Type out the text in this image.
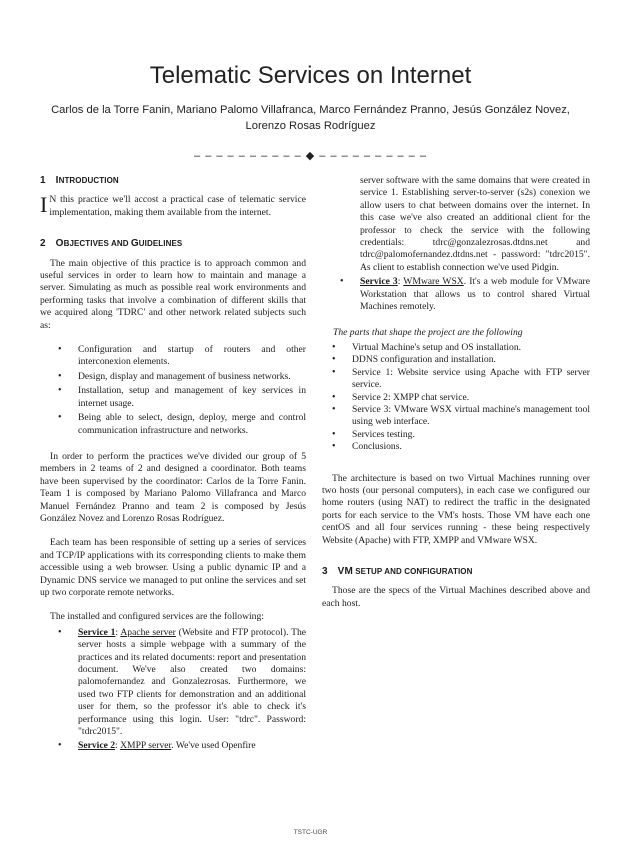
Telematic Services on Internet
Carlos de la Torre Fanin, Mariano Palomo Villafranca, Marco Fernández Pranno, Jesús González Novez, Lorenzo Rosas Rodríguez
– – – – – – – – – – ◆ – – – – – – – – – –
1 INTRODUCTION

I N this practice we'll accost a practical case of telematic service implementation, making them available from the internet.

2 OBJECTIVES AND GUIDELINES

The main objective of this practice is to approach common and useful services in order to learn how to maintain and manage a server. Simulating as much as possible real work environments and performing tasks that involve a combination of different skills that we acquired along 'TDRC' and other network related subjects such as:

• Configuration and startup of routers and other interconexion elements.
• Design, display and management of business networks.
• Installation, setup and management of key services in internet usage.
• Being able to select, design, deploy, merge and control communication infrastructure and networks.

In order to perform the practices we've divided our group of 5 members in 2 teams of 2 and designed a coordinator. Both teams have been supervised by the coordinator: Carlos de la Torre Fanin. Team 1 is composed by Mariano Palomo Villafranca and Marco Manuel Fernández Pranno and team 2 is composed by Jesús González Novez and Lorenzo Rosas Rodríguez.

Each team has been responsible of setting up a series of services and TCP/IP applications with its corresponding clients to make them accessible using a web browser. Using a public dynamic IP and a Dynamic DNS service we managed to put online the services and set up two corporate remote networks.

The installed and configured services are the following:

• Service 1: Apache server (Website and FTP protocol). The server hosts a simple webpage with a summary of the practices and its related documents: report and presentation document. We've also created two domains: palomofernandez and Gonzalezrosas. Furthermore, we used two FTP clients for demonstration and an additional user for them, so the professor it's able to check it's performance using this login. User: "tdrc". Password: "tdrc2015".
• Service 2: XMPP server. We've used Openfire

server software with the same domains that were created in service 1. Establishing server-to-server (s2s) conexion we allow users to chat between domains over the internet. In this case we've also created an additional client for the professor to check the service with the following credentials: tdrc@gonzalezrosas.dtdns.net and tdrc@palomofernandez.dtdns.net - password: "tdrc2015". As client to establish connection we've used Pidgin.

• Service 3: WMware WSX. It's a web module for VMware Workstation that allows us to control shared Virtual Machines remotely.

The parts that shape the project are the following

• Virtual Machine's setup and OS installation.
• DDNS configuration and installation.
• Service 1: Website service using Apache with FTP server service.
• Service 2: XMPP chat service.
• Service 3: VMware WSX virtual machine's management tool using web interface.
• Services testing.
• Conclusions.

The architecture is based on two Virtual Machines running over two hosts (our personal computers), in each case we configured our home routers (using NAT) to redirect the traffic in the designated ports for each service to the VM's hosts. Those VM have each one centOS and all four services running - these being respectively Website (Apache) with FTP, XMPP and VMware WSX.

3 VM SETUP AND CONFIGURATION

Those are the specs of the Virtual Machines described above and each host.

TSTC-UGR
